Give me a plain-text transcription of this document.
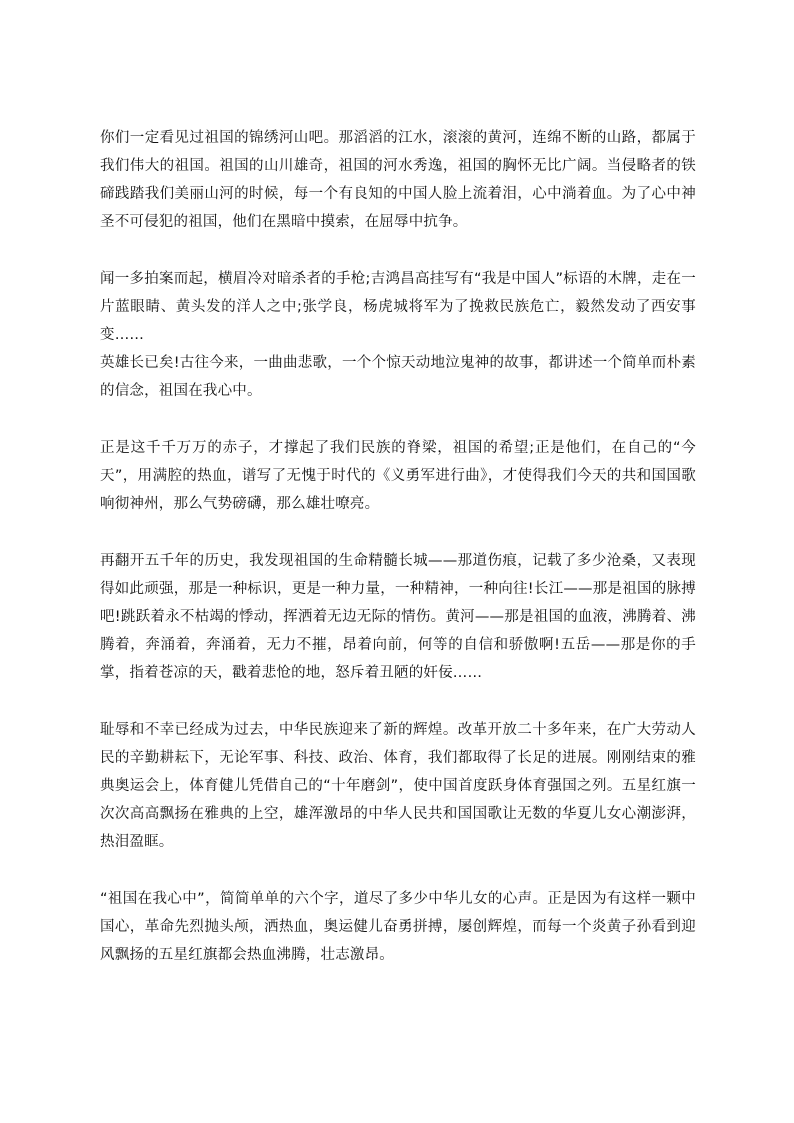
你们一定看见过祖国的锦绣河山吧。那滔滔的江水，滚滚的黄河，连绵不断的山路，都属于我们伟大的祖国。祖国的山川雄奇，祖国的河水秀逸，祖国的胸怀无比广阔。当侵略者的铁碲践踏我们美丽山河的时候，每一个有良知的中国人脸上流着泪，心中淌着血。为了心中神圣不可侵犯的祖国，他们在黑暗中摸索，在屈辱中抗争。

闻一多拍案而起，横眉冷对暗杀者的手枪;吉鸿昌高挂写有“我是中国人”标语的木牌，走在一片蓝眼睛、黄头发的洋人之中;张学良，杨虎城将军为了挽救民族危亡，毅然发动了西安事变……

英雄长已矣!古往今来，一曲曲悲歌，一个个惊天动地泣鬼神的故事，都讲述一个简单而朴素的信念，祖国在我心中。

正是这千千万万的赤子，才撑起了我们民族的脊梁，祖国的希望;正是他们，在自己的“今天”，用满腔的热血，谱写了无愧于时代的《义勇军进行曲》，才使得我们今天的共和国国歌响彻神州，那么气势磅礴，那么雄壮嘹亮。

再翻开五千年的历史，我发现祖国的生命精髓长城——那道伤痕，记载了多少沧桑，又表现得如此顽强，那是一种标识，更是一种力量，一种精神，一种向往!长江——那是祖国的脉搏吧!跳跃着永不枯竭的悸动，挥洒着无边无际的情伤。黄河——那是祖国的血液，沸腾着、沸腾着，奔涌着，奔涌着，无力不摧，昂着向前，何等的自信和骄傲啊!五岳——那是你的手掌，指着苍凉的天，戳着悲怆的地，怒斥着丑陋的奸佞……

耻辱和不幸已经成为过去，中华民族迎来了新的辉煌。改革开放二十多年来，在广大劳动人民的辛勤耕耘下，无论军事、科技、政治、体育，我们都取得了长足的进展。刚刚结束的雅典奥运会上，体育健儿凭借自己的“十年磨剑”，使中国首度跃身体育强国之列。五星红旗一次次高高飘扬在雅典的上空，雄浑激昂的中华人民共和国国歌让无数的华夏儿女心潮澎湃，热泪盈眶。

“祖国在我心中”，简简单单的六个字，道尽了多少中华儿女的心声。正是因为有这样一颗中国心，革命先烈抛头颅，洒热血，奥运健儿奋勇拼搏，屡创辉煌，而每一个炎黄子孙看到迎风飘扬的五星红旗都会热血沸腾，壮志激昂。
